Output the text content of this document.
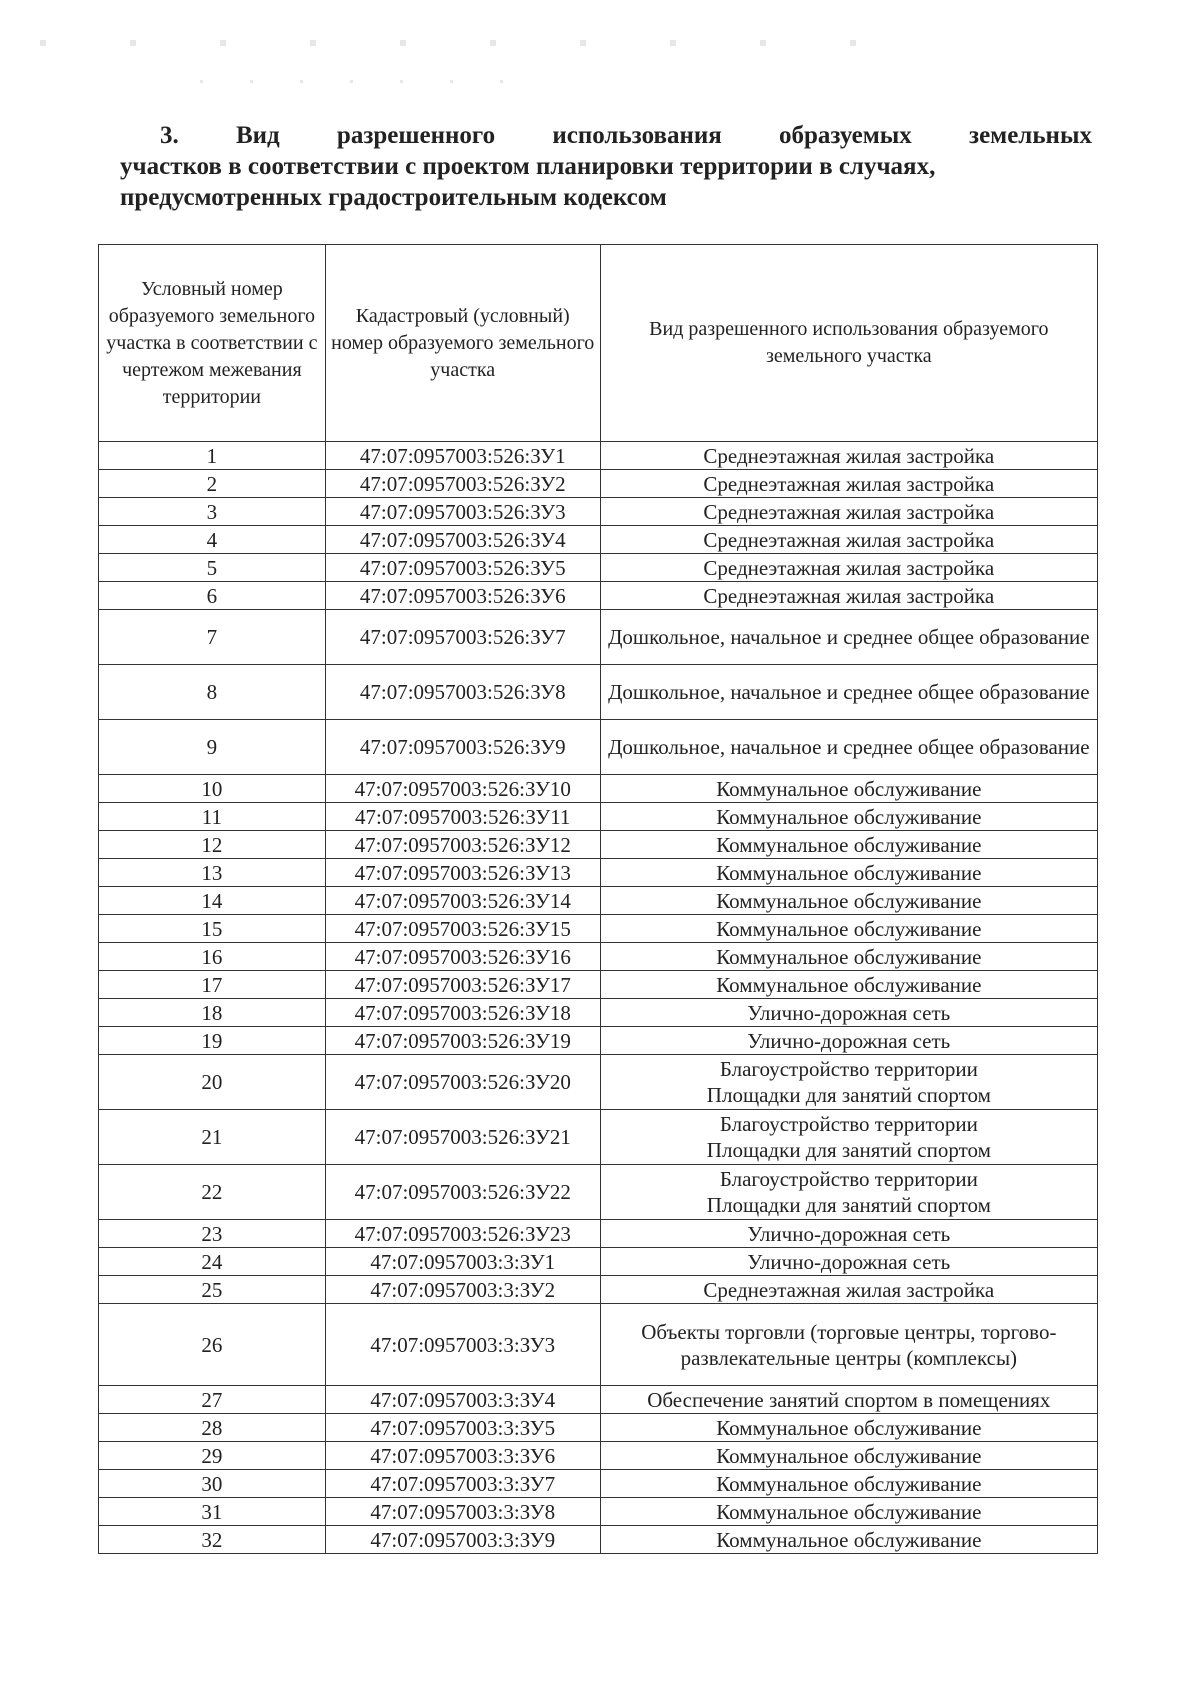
3. Вид разрешенного использования образуемых земельных
участков в соответствии с проектом планировки территории в случаях,
предусмотренных градостроительным кодексом
Условный номер образуемого земельного участка в соответствии с чертежом межевания территории	Кадастровый (условный) номер образуемого земельного участка	Вид разрешенного использования образуемого земельного участка
1	47:07:0957003:526:ЗУ1	Среднеэтажная жилая застройка
2	47:07:0957003:526:ЗУ2	Среднеэтажная жилая застройка
3	47:07:0957003:526:ЗУ3	Среднеэтажная жилая застройка
4	47:07:0957003:526:ЗУ4	Среднеэтажная жилая застройка
5	47:07:0957003:526:ЗУ5	Среднеэтажная жилая застройка
6	47:07:0957003:526:ЗУ6	Среднеэтажная жилая застройка
7	47:07:0957003:526:ЗУ7	Дошкольное, начальное и среднее общее образование
8	47:07:0957003:526:ЗУ8	Дошкольное, начальное и среднее общее образование
9	47:07:0957003:526:ЗУ9	Дошкольное, начальное и среднее общее образование
10	47:07:0957003:526:ЗУ10	Коммунальное обслуживание
11	47:07:0957003:526:ЗУ11	Коммунальное обслуживание
12	47:07:0957003:526:ЗУ12	Коммунальное обслуживание
13	47:07:0957003:526:ЗУ13	Коммунальное обслуживание
14	47:07:0957003:526:ЗУ14	Коммунальное обслуживание
15	47:07:0957003:526:ЗУ15	Коммунальное обслуживание
16	47:07:0957003:526:ЗУ16	Коммунальное обслуживание
17	47:07:0957003:526:ЗУ17	Коммунальное обслуживание
18	47:07:0957003:526:ЗУ18	Улично-дорожная сеть
19	47:07:0957003:526:ЗУ19	Улично-дорожная сеть
20	47:07:0957003:526:ЗУ20	Благоустройство территории
Площадки для занятий спортом
21	47:07:0957003:526:ЗУ21	Благоустройство территории
Площадки для занятий спортом
22	47:07:0957003:526:ЗУ22	Благоустройство территории
Площадки для занятий спортом
23	47:07:0957003:526:ЗУ23	Улично-дорожная сеть
24	47:07:0957003:3:ЗУ1	Улично-дорожная сеть
25	47:07:0957003:3:ЗУ2	Среднеэтажная жилая застройка
26	47:07:0957003:3:ЗУ3	Объекты торговли (торговые центры, торгово-развлекательные центры (комплексы)
27	47:07:0957003:3:ЗУ4	Обеспечение занятий спортом в помещениях
28	47:07:0957003:3:ЗУ5	Коммунальное обслуживание
29	47:07:0957003:3:ЗУ6	Коммунальное обслуживание
30	47:07:0957003:3:ЗУ7	Коммунальное обслуживание
31	47:07:0957003:3:ЗУ8	Коммунальное обслуживание
32	47:07:0957003:3:ЗУ9	Коммунальное обслуживание
